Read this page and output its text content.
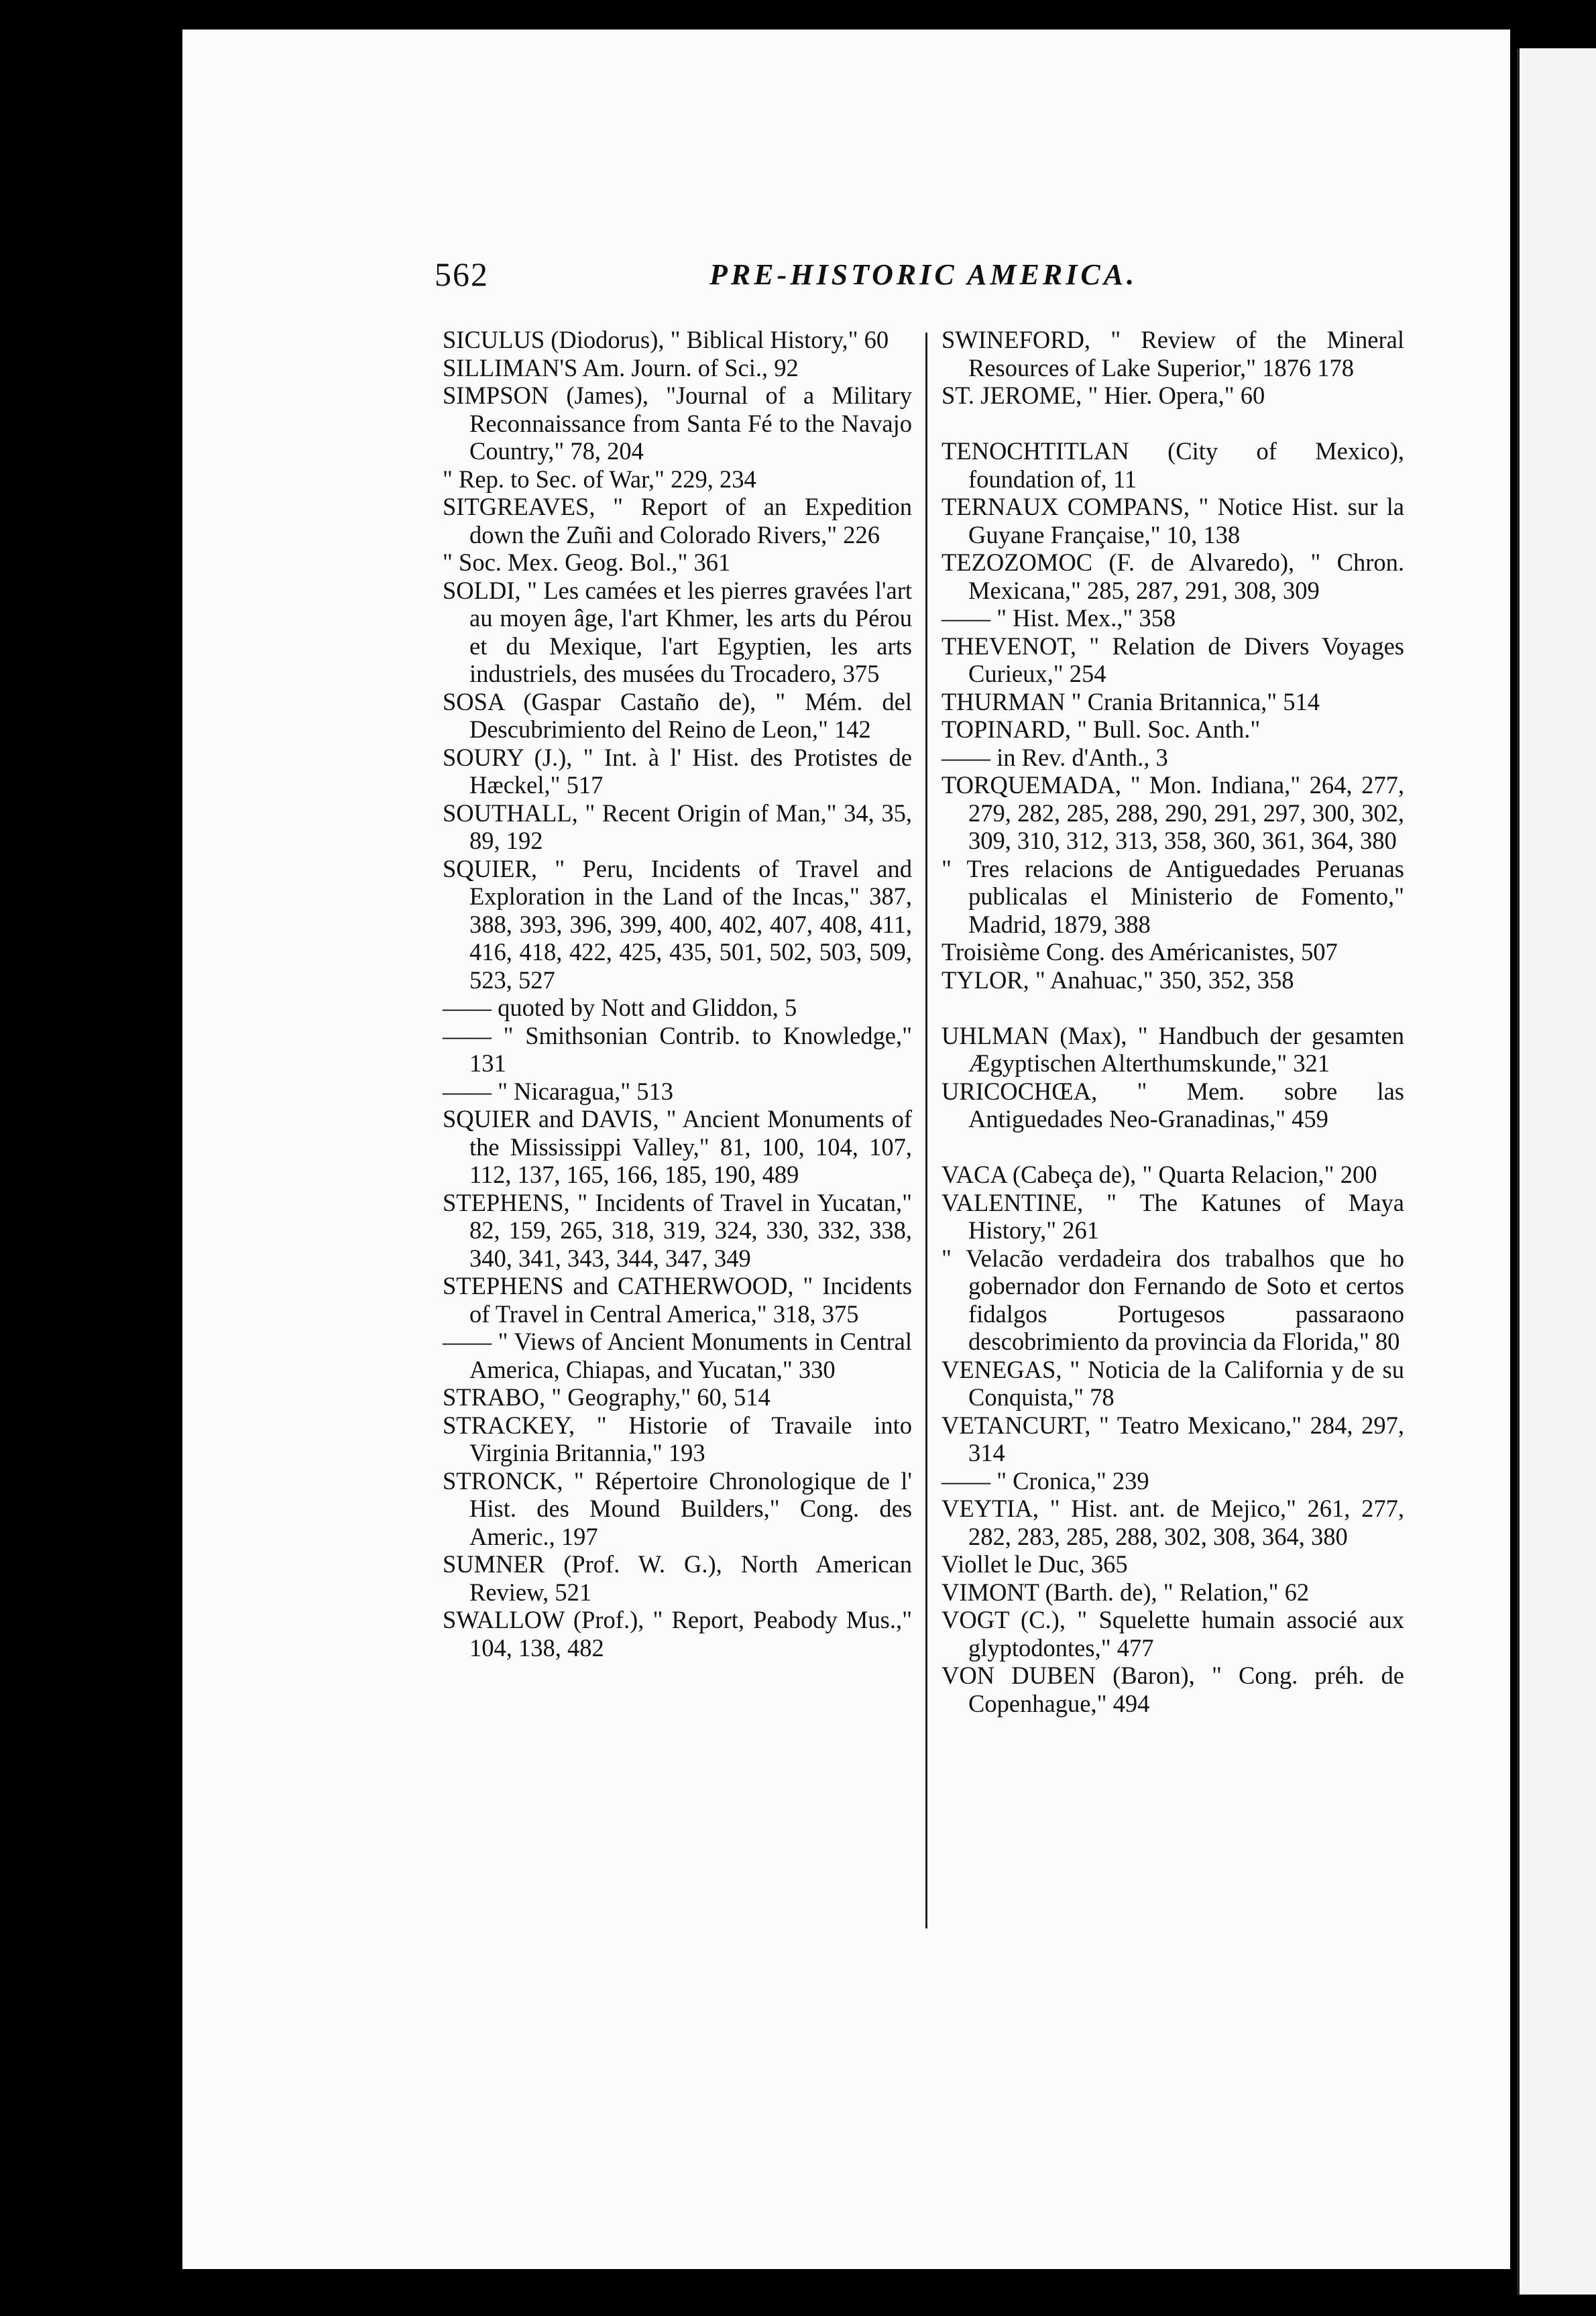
562	PRE-HISTORIC AMERICA.

SICULUS (Diodorus), " Biblical History," 60

SILLIMAN'S Am. Journ. of Sci., 92

SIMPSON (James), "Journal of a Military Reconnaissance from Santa Fé to the Navajo Country," 78, 204

" Rep. to Sec. of War," 229, 234

SITGREAVES, " Report of an Expedition down the Zuñi and Colorado Rivers," 226

" Soc. Mex. Geog. Bol.," 361

SOLDI, " Les camées et les pierres gravées l'art au moyen âge, l'art Khmer, les arts du Pérou et du Mexique, l'art Egyptien, les arts industriels, des musées du Trocadero, 375

SOSA (Gaspar Castaño de), " Mém. del Descubrimiento del Reino de Leon," 142

SOURY (J.), " Int. à l' Hist. des Protistes de Hæckel," 517

SOUTHALL, " Recent Origin of Man," 34, 35, 89, 192

SQUIER, " Peru, Incidents of Travel and Exploration in the Land of the Incas," 387, 388, 393, 396, 399, 400, 402, 407, 408, 411, 416, 418, 422, 425, 435, 501, 502, 503, 509, 523, 527

—— quoted by Nott and Gliddon, 5

—— " Smithsonian Contrib. to Knowledge," 131

—— " Nicaragua," 513

SQUIER and DAVIS, " Ancient Monuments of the Mississippi Valley," 81, 100, 104, 107, 112, 137, 165, 166, 185, 190, 489

STEPHENS, " Incidents of Travel in Yucatan," 82, 159, 265, 318, 319, 324, 330, 332, 338, 340, 341, 343, 344, 347, 349

STEPHENS and CATHERWOOD, " Incidents of Travel in Central America," 318, 375

—— " Views of Ancient Monuments in Central America, Chiapas, and Yucatan," 330

STRABO, " Geography," 60, 514

STRACKEY, " Historie of Travaile into Virginia Britannia," 193

STRONCK, " Répertoire Chronologique de l' Hist. des Mound Builders," Cong. des Americ., 197

SUMNER (Prof. W. G.), North American Review, 521

SWALLOW (Prof.), " Report, Peabody Mus.," 104, 138, 482

SWINEFORD, " Review of the Mineral Resources of Lake Superior," 1876 178

ST. JEROME, " Hier. Opera," 60

TENOCHTITLAN (City of Mexico), foundation of, 11

TERNAUX COMPANS, " Notice Hist. sur la Guyane Française," 10, 138

TEZOZOMOC (F. de Alvaredo), " Chron. Mexicana," 285, 287, 291, 308, 309

—— " Hist. Mex.," 358

THEVENOT, " Relation de Divers Voyages Curieux," 254

THURMAN " Crania Britannica," 514

TOPINARD, " Bull. Soc. Anth."

—— in Rev. d'Anth., 3

TORQUEMADA, " Mon. Indiana," 264, 277, 279, 282, 285, 288, 290, 291, 297, 300, 302, 309, 310, 312, 313, 358, 360, 361, 364, 380

" Tres relacions de Antiguedades Peruanas publicalas el Ministerio de Fomento," Madrid, 1879, 388

Troisième Cong. des Américanistes, 507

TYLOR, " Anahuac," 350, 352, 358

UHLMAN (Max), " Handbuch der gesamten Ægyptischen Alterthumskunde," 321

URICOCHŒA, " Mem. sobre las Antiguedades Neo-Granadinas," 459

VACA (Cabeça de), " Quarta Relacion," 200

VALENTINE, " The Katunes of Maya History," 261

" Velacão verdadeira dos trabalhos que ho gobernador don Fernando de Soto et certos fidalgos Portugesos passaraono descobrimiento da provincia da Florida," 80

VENEGAS, " Noticia de la California y de su Conquista," 78

VETANCURT, " Teatro Mexicano," 284, 297, 314

—— " Cronica," 239

VEYTIA, " Hist. ant. de Mejico," 261, 277, 282, 283, 285, 288, 302, 308, 364, 380

Viollet le Duc, 365

VIMONT (Barth. de), " Relation," 62

VOGT (C.), " Squelette humain associé aux glyptodontes," 477

VON DUBEN (Baron), " Cong. préh. de Copenhague," 494
